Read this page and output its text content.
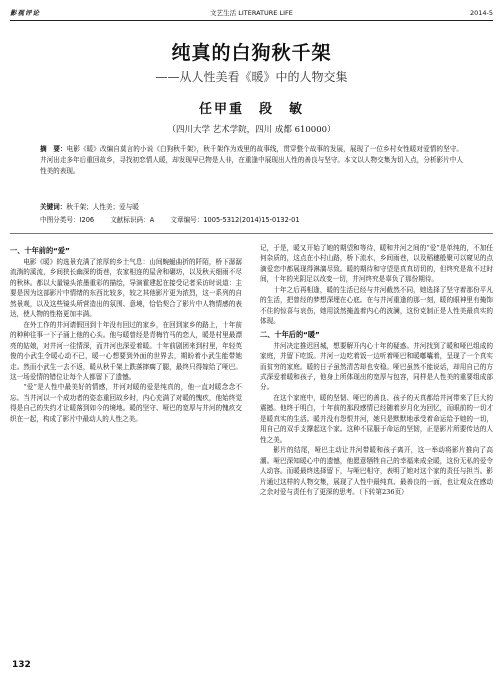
影视评论	文艺生活 LITERATURE LIFE	2014-5
纯真的白狗秋千架
——从人性美看《暖》中的人物交集
任甲重　段　敏
（四川大学 艺术学院，四川 成都 610000）
摘　要：电影《暖》改编自莫言的小说《白狗秋千架》，秋千架作为戏里的故事线，贯穿整个故事的发展，展现了一位乡村女性暖对爱情的坚守。井河出走多年后重回故乡，寻找初恋情人暖，却发现早已物是人非，在重逢中展现出人性的善良与坚守。本文以人物交集为切入点，分析影片中人性美的表现。
关键词：秋千架；人性美；爱与暖
中图分类号：I206 文献标识码：A 文章编号：1005-5312(2014)15-0132-01
一、十年前的“爱”

电影《暖》的选景充满了浓厚的乡土气息：山间蜿蜒曲折的阡陌，桥下潺潺流淌的溪流，乡间狭长幽深的街巷，农家相连的屋舍和碾坊，以及秋天细雨不尽的秋林。都以大量镜头浓墨重彩的描绘，导演霍建起在接受记者采访时说道：主要是因为这部影片中情绪的东西比较多，较之其他影片更为浓烈，这一系列的自然景观，以及这些镜头所营造出的氛围、意境，恰恰契合了影片中人物情感的表达，使人物的性格更加丰满。

在外工作的井河请假回到十年没有回过的家乡，在回到家乡的路上，十年前的种种往事一下子涌上他的心头。他与暖曾经是青梅竹马的恋人，暖是村里最漂亮的姑娘，对井河一往情深，而井河也深爱着暖。十年前剧团来到村里，年轻英俊的小武生令暖心动不已，暖一心想要到外面的世界去，期盼着小武生能带她走。然而小武生一去不返，暖从秋千架上跌落摔瘸了腿，最终只得嫁给了哑巴。这一场爱情的错位让每个人都留下了遗憾。

“爱”是人性中最美好的情感，井河对暖的爱是纯真的，他一直对暖念念不忘。当井河以一个成功者的姿态重回故乡时，内心充满了对暖的愧疚，他始终觉得是自己的失约才让暖落到如今的境地。暖的坚守、哑巴的宽厚与井河的愧疚交织在一起，构成了影片中最动人的人性之美。

记，于是，暖又开始了她的期望和等待，暖和井河之间的“爱”是单纯的，不加任何杂质的，这点在小村山路，桥下流水，乡间雨巷，以及稻穗般聚可以窥见的点滴爱恋中都展现得淋漓尽致。暖的期待和守望是真真切切的，但终究是敌不过时间，十年的光阴足以改变一切，井河终究是辜负了那份期待。

十年之后再相逢，暖的生活已经与井河截然不同，她选择了坚守着那份平凡的生活，把曾经的梦想深埋在心底。在与井河重逢的那一刻，暖的眼神里有掩饰不住的惊喜与哀伤，她用淡然掩盖着内心的波澜，这份克制正是人性美最真实的体现。

二、十年后的“暖”

井河决定推迟回城，想要解开内心十年的疑惑。井河找到了暖和哑巴组成的家庭，并留下吃饭。井河一边吃着饭一边听着哑巴和暖嘟囔着，呈现了一个真实而贫穷的家庭。暖的日子虽然清苦却也安稳。哑巴虽然不能说话，却用自己的方式深爱着暖和孩子，他身上所体现出的宽厚与包容，同样是人性美的重要组成部分。

在这个家庭中，暖的坚韧、哑巴的善良、孩子的天真都给井河带来了巨大的震撼。他终于明白，十年前的那段感情已经随着岁月化为回忆，而眼前的一切才是暖真实的生活。暖并没有怨恨井河，她只是默默地承受着命运给予她的一切，用自己的双手支撑起这个家。这种不屈服于命运的坚韧，正是影片所要传达的人性之美。

影片的结尾，哑巴主动让井河带暖和孩子离开，这一举动将影片推向了高潮。哑巴深知暖心中的遗憾，他愿意牺牲自己的幸福来成全暖，这份无私的爱令人动容。而暖最终选择留下，与哑巴相守，表明了她对这个家的责任与担当。影片通过这样的人物交集，展现了人性中最纯真、最善良的一面，也让观众在感动之余对爱与责任有了更深的思考。（下转第236页）

132
